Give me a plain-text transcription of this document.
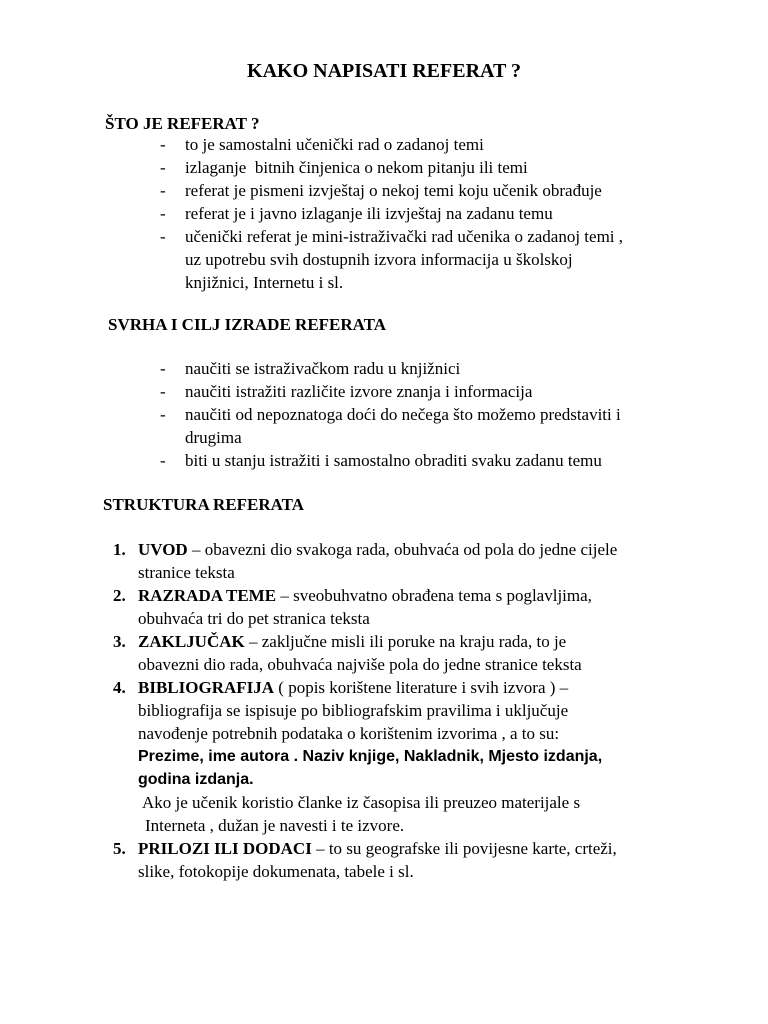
KAKO NAPISATI REFERAT ?
ŠTO JE REFERAT ?
-	to je samostalni učenički rad o zadanoj temi
-	izlaganje  bitnih činjenica o nekom pitanju ili temi
-	referat je pismeni izvještaj o nekoj temi koju učenik obrađuje
-	referat je i javno izlaganje ili izvještaj na zadanu temu
-	učenički referat je mini-istraživački rad učenika o zadanoj temi ,
uz upotrebu svih dostupnih izvora informacija u školskoj
knjižnici, Internetu i sl.
SVRHA I CILJ IZRADE REFERATA
-	naučiti se istraživačkom radu u knjižnici
-	naučiti istražiti različite izvore znanja i informacija
-	naučiti od nepoznatoga doći do nečega što možemo predstaviti i
drugima
-	biti u stanju istražiti i samostalno obraditi svaku zadanu temu
STRUKTURA REFERATA
1. UVOD – obavezni dio svakoga rada, obuhvaća od pola do jedne cijele
stranice teksta
2. RAZRADA TEME – sveobuhvatno obrađena tema s poglavljima,
obuhvaća tri do pet stranica teksta
3. ZAKLJUČAK – zaključne misli ili poruke na kraju rada, to je
obavezni dio rada, obuhvaća najviše pola do jedne stranice teksta
4. BIBLIOGRAFIJA ( popis korištene literature i svih izvora ) –
bibliografija se ispisuje po bibliografskim pravilima i uključuje
navođenje potrebnih podataka o korištenim izvorima , a to su:
Prezime, ime autora . Naziv knjige, Nakladnik, Mjesto izdanja,
godina izdanja.
Ako je učenik koristio članke iz časopisa ili preuzeo materijale s
Interneta , dužan je navesti i te izvore.
5. PRILOZI ILI DODACI – to su geografske ili povijesne karte, crteži,
slike, fotokopije dokumenata, tabele i sl.
